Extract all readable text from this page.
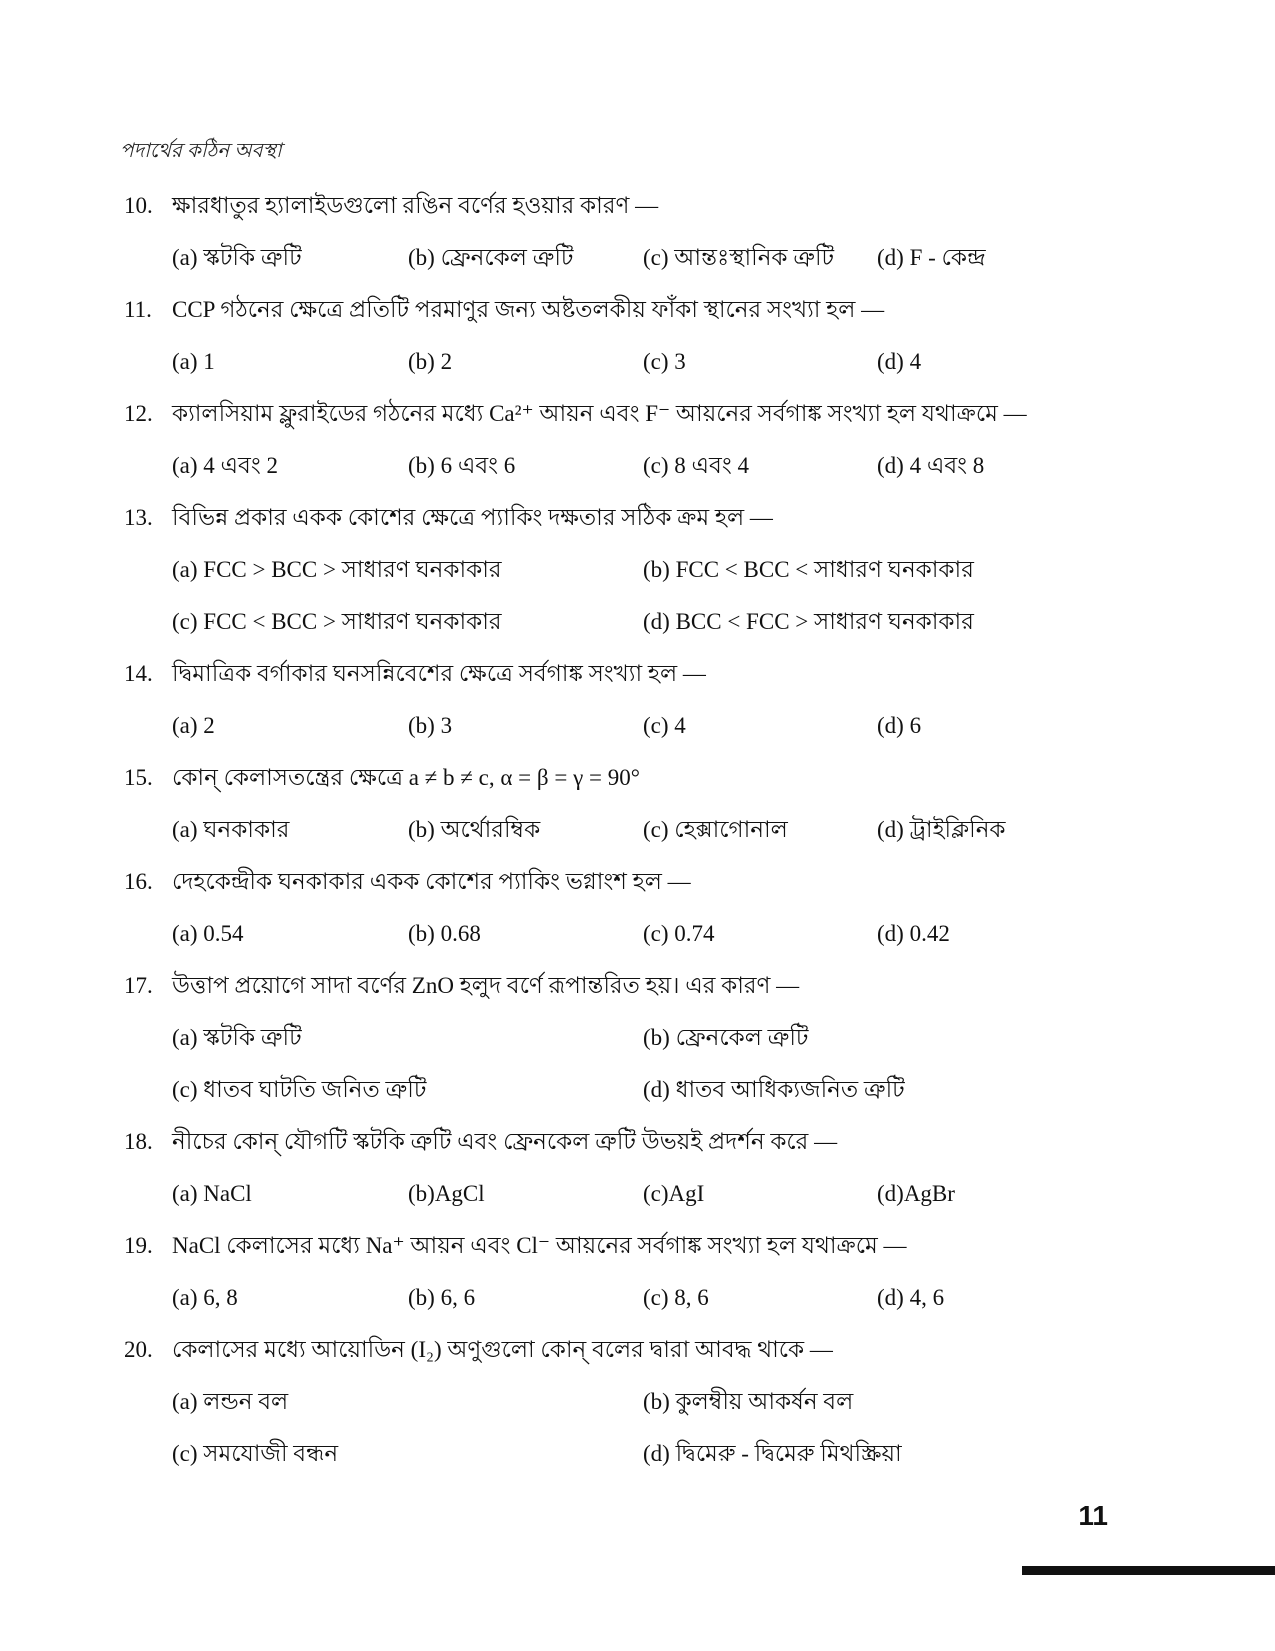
পদার্থের কঠিন অবস্থা
10. ক্ষারধাতুর হ্যালাইডগুলো রঙিন বর্ণের হওয়ার কারণ —
(a) স্কটকি ত্রুটি	(b) ফ্রেনকেল ত্রুটি	(c) আন্তঃস্থানিক ত্রুটি (d) F - কেন্দ্র
11. CCP গঠনের ক্ষেত্রে প্রতিটি পরমাণুর জন্য অষ্টতলকীয় ফাঁকা স্থানের সংখ্যা হল —
(a) 1	(b) 2	(c) 3	(d) 4
12. ক্যালসিয়াম ফ্লুরাইডের গঠনের মধ্যে Ca²⁺ আয়ন এবং F⁻ আয়নের সর্বগাঙ্ক সংখ্যা হল যথাক্রমে —
(a) 4 এবং 2	(b) 6 এবং 6	(c) 8 এবং 4	(d) 4 এবং 8
13. বিভিন্ন প্রকার একক কোশের ক্ষেত্রে প্যাকিং দক্ষতার সঠিক ক্রম হল —
(a) FCC > BCC > সাধারণ ঘনকাকার	(b) FCC < BCC < সাধারণ ঘনকাকার
(c) FCC < BCC > সাধারণ ঘনকাকার	(d) BCC < FCC > সাধারণ ঘনকাকার
14. দ্বিমাত্রিক বর্গাকার ঘনসন্নিবেশের ক্ষেত্রে সর্বগাঙ্ক সংখ্যা হল —
(a) 2	(b) 3	(c) 4	(d) 6
15. কোন্ কেলাসতন্ত্রের ক্ষেত্রে a ≠ b ≠ c, α = β = γ = 90°
(a) ঘনকাকার	(b) অর্থোরম্বিক	(c) হেক্সাগোনাল	(d) ট্রাইক্লিনিক
16. দেহকেন্দ্রীক ঘনকাকার একক কোশের প্যাকিং ভগ্নাংশ হল —
(a) 0.54	(b) 0.68	(c) 0.74	(d) 0.42
17. উত্তাপ প্রয়োগে সাদা বর্ণের ZnO হলুদ বর্ণে রূপান্তরিত হয়। এর কারণ —
(a) স্কটকি ত্রুটি	(b) ফ্রেনকেল ত্রুটি
(c) ধাতব ঘাটতি জনিত ত্রুটি	(d) ধাতব আধিক্যজনিত ত্রুটি
18. নীচের কোন্ যৌগটি স্কটকি ত্রুটি এবং ফ্রেনকেল ত্রুটি উভয়ই প্রদর্শন করে —
(a) NaCl	(b)AgCl	(c)AgI	(d)AgBr
19. NaCl কেলাসের মধ্যে Na⁺ আয়ন এবং Cl⁻ আয়নের সর্বগাঙ্ক সংখ্যা হল যথাক্রমে —
(a) 6, 8	(b) 6, 6	(c) 8, 6	(d) 4, 6
20. কেলাসের মধ্যে আয়োডিন (I₂) অণুগুলো কোন্ বলের দ্বারা আবদ্ধ থাকে —
(a) লন্ডন বল	(b) কুলম্বীয় আকর্ষন বল
(c) সমযোজী বন্ধন	(d) দ্বিমেরু - দ্বিমেরু মিথস্ক্রিয়া
11
